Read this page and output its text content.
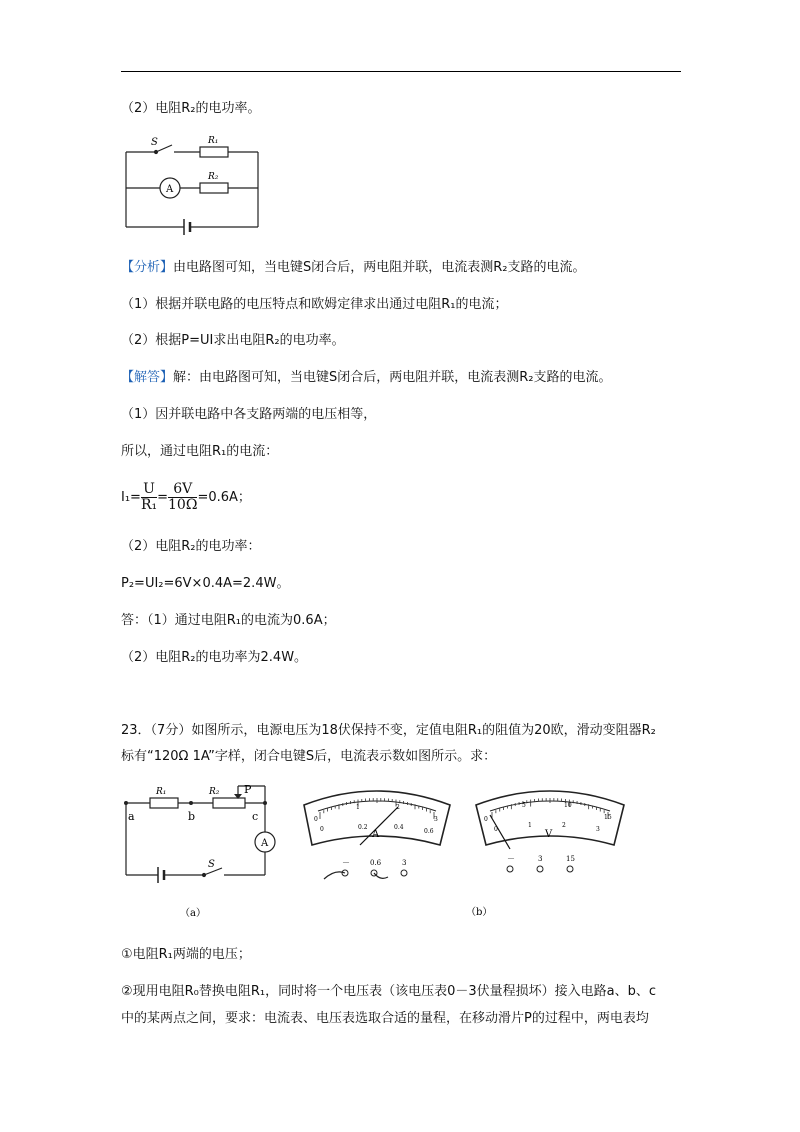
（2）电阻R₂的电功率。
S	R₁
R₂
A
【分析】由电路图可知，当电键S闭合后，两电阻并联，电流表测R₂支路的电流。
（1）根据并联电路的电压特点和欧姆定律求出通过电阻R₁的电流；
（2）根据P=UI求出电阻R₂的电功率。
【解答】解：由电路图可知，当电键S闭合后，两电阻并联，电流表测R₂支路的电流。
（1）因并联电路中各支路两端的电压相等，
所以，通过电阻R₁的电流：
$I_1= \frac{U}{\text{R₁}} = \frac{6V}{10\Omega} =0.6A$；
（2）电阻R₂的电功率：
P₂=UI₂=6V×0.4A=2.4W。
答：（1）通过电阻R₁的电流为0.6A；
（2）电阻R₂的电功率为2.4W。
23．（7分）如图所示，电源电压为18伏保持不变，定值电阻R₁的阻值为20欧，滑动变阻器R₂
标有“120Ω 1A”字样，闭合电键S后，电流表示数如图所示。求：
R₁	R₂ P
a	b	c
A
S
（a）
0
1	2
3
0	0.2	0.4
0.6
A
－	0.6	3
0
5	10
15
0
1	2
3
V
－	3	15
（b）
①电阻R₁两端的电压；
②现用电阻R₀替换电阻R₁，同时将一个电压表（该电压表0－3伏量程损坏）接入电路a、b、c
中的某两点之间，要求：电流表、电压表选取合适的量程，在移动滑片P的过程中，两电表均
